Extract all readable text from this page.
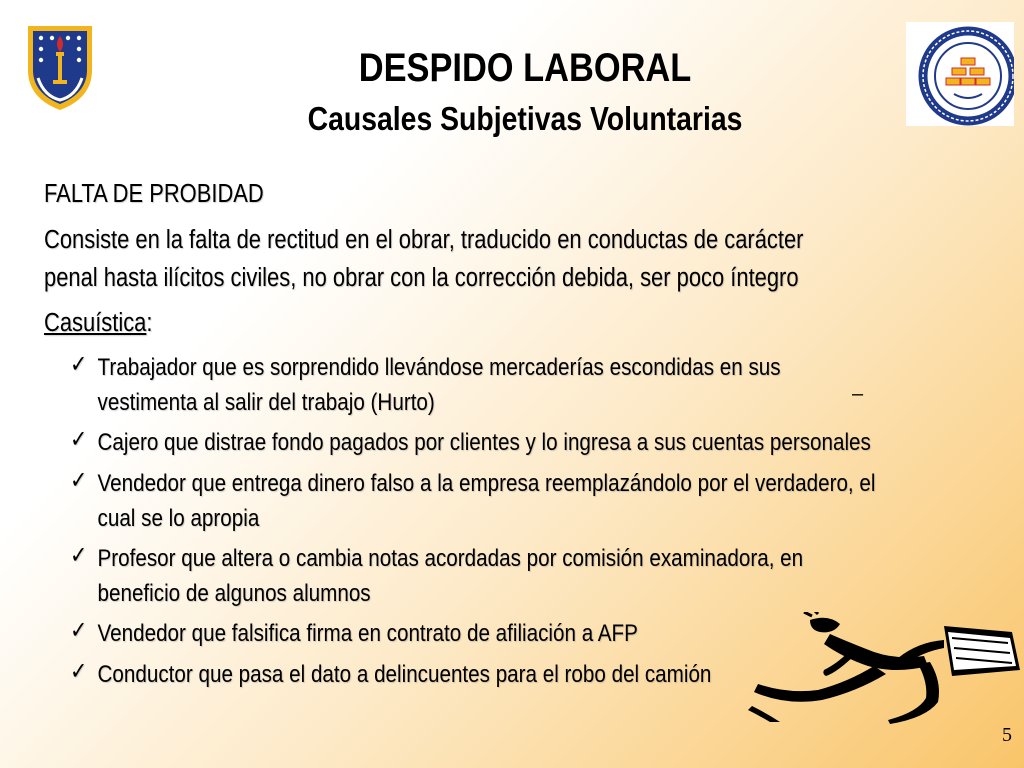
DESPIDO LABORAL
Causales Subjetivas Voluntarias
FALTA DE PROBIDAD
Consiste en la falta de rectitud en el obrar, traducido en conductas de carácter
penal hasta ilícitos civiles, no obrar con la corrección debida, ser poco íntegro
Casuística:
✓ Trabajador que es sorprendido llevándose mercaderías escondidas en sus
vestimenta al salir del trabajo (Hurto)	–
✓ Cajero que distrae fondo pagados por clientes y lo ingresa a sus cuentas personales
✓ Vendedor que entrega dinero falso a la empresa reemplazándolo por el verdadero, el
cual se lo apropia
✓ Profesor que altera o cambia notas acordadas por comisión examinadora, en
beneficio de algunos alumnos
✓ Vendedor que falsifica firma en contrato de afiliación a AFP
✓ Conductor que pasa el dato a delincuentes para el robo del camión
5
